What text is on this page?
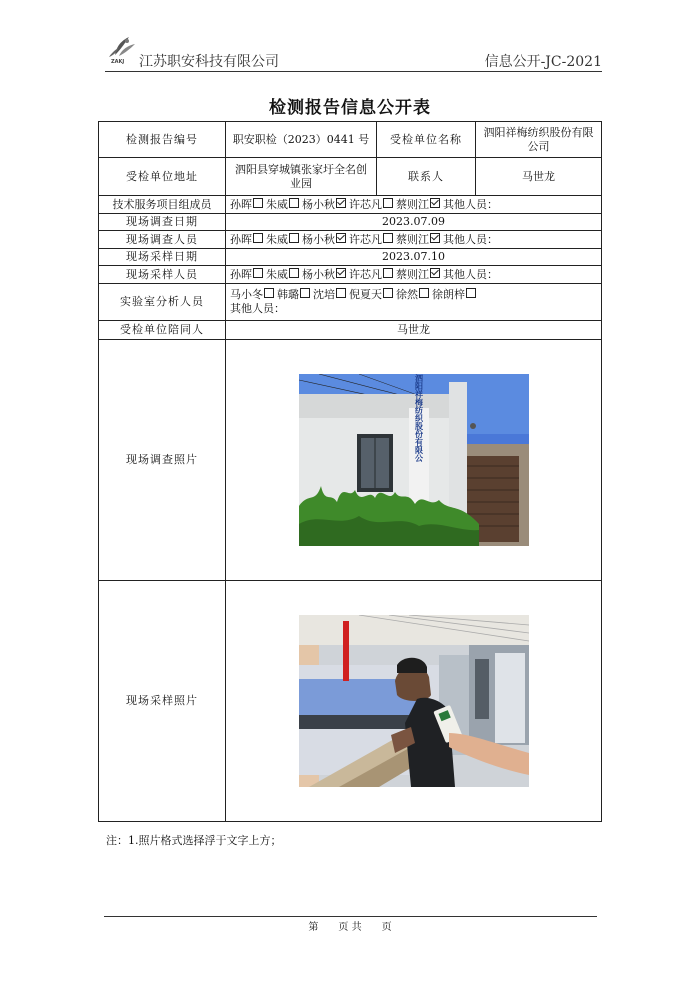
ZAKJ 江苏职安科技有限公司	信息公开-JC-2021
检测报告信息公开表
检测报告编号	职安职检（2023）0441 号	受检单位名称	泗阳祥梅纺织股份有限公司
受检单位地址	泗阳县穿城镇张家圩全名创业园	联系人	马世龙
技术服务项目组成员	孙晖 朱威 杨小秋 许芯凡 蔡则江 其他人员：		
现场调查日期	2023.07.09		
现场调查人员	孙晖 朱威 杨小秋 许芯凡 蔡则江 其他人员：		
现场采样日期	2023.07.10		
现场采样人员	孙晖 朱威 杨小秋 许芯凡 蔡则江 其他人员：		
实验室分析人员	马小冬 韩璐 沈培 倪夏天 徐然 徐朗梓
其他人员：		

受检单位陪同人	马世龙		
现场调查照片	泗阳祥梅纺织股份有限公		

现场采样照片	
注：1.照片格式选择浮于文字上方；
第　　页 共　　页
